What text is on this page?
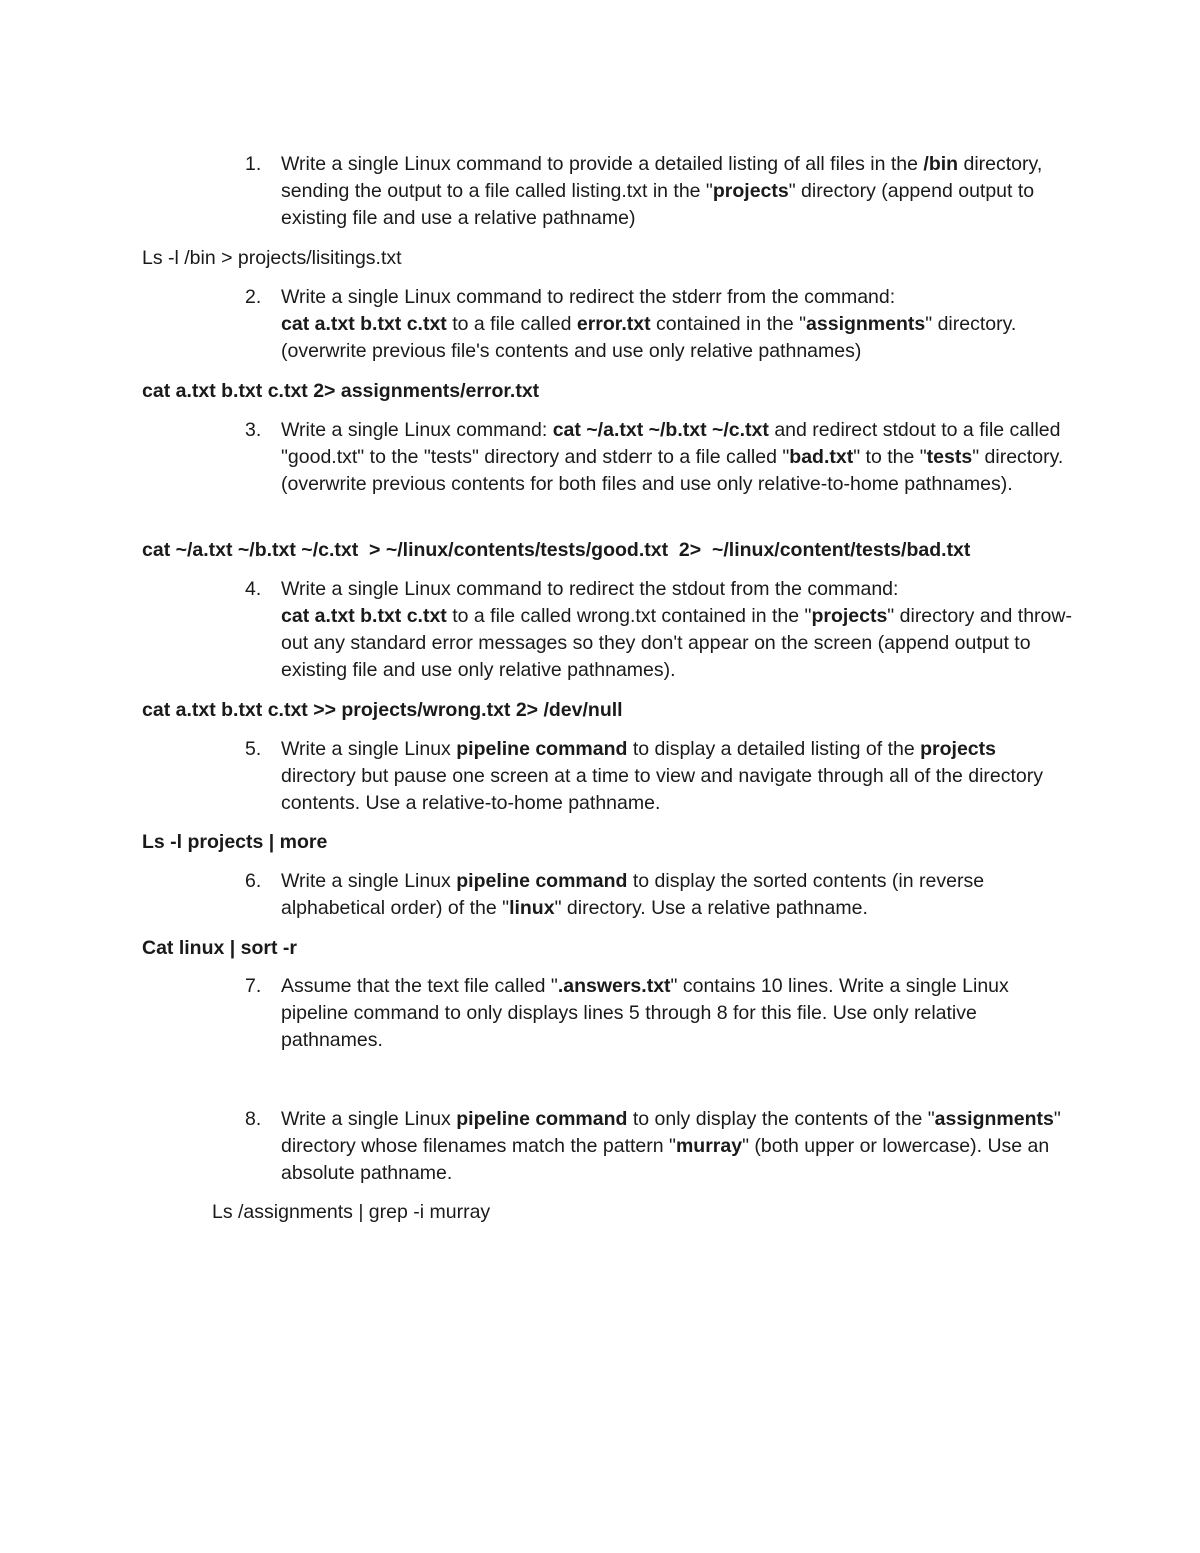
1. Write a single Linux command to provide a detailed listing of all files in the /bin directory, sending the output to a file called listing.txt in the "projects" directory (append output to existing file and use a relative pathname)
Ls -l /bin > projects/lisitings.txt
2. Write a single Linux command to redirect the stderr from the command:
cat a.txt b.txt c.txt to a file called error.txt contained in the "assignments" directory. (overwrite previous file's contents and use only relative pathnames)
cat a.txt b.txt c.txt 2> assignments/error.txt
3. Write a single Linux command: cat ~/a.txt ~/b.txt ~/c.txt and redirect stdout to a file called "good.txt" to the "tests" directory and stderr to a file called "bad.txt" to the "tests" directory. (overwrite previous contents for both files and use only relative-to-home pathnames).
cat ~/a.txt ~/b.txt ~/c.txt  > ~/linux/contents/tests/good.txt  2>  ~/linux/content/tests/bad.txt
4. Write a single Linux command to redirect the stdout from the command:
cat a.txt b.txt c.txt to a file called wrong.txt contained in the "projects" directory and throw-out any standard error messages so they don't appear on the screen (append output to existing file and use only relative pathnames).
cat a.txt b.txt c.txt >> projects/wrong.txt 2> /dev/null
5. Write a single Linux pipeline command to display a detailed listing of the projects directory but pause one screen at a time to view and navigate through all of the directory contents. Use a relative-to-home pathname.
Ls -l projects | more
6. Write a single Linux pipeline command to display the sorted contents (in reverse alphabetical order) of the "linux" directory. Use a relative pathname.
Cat linux | sort -r
7. Assume that the text file called ".answers.txt" contains 10 lines. Write a single Linux pipeline command to only displays lines 5 through 8 for this file. Use only relative pathnames.
8. Write a single Linux pipeline command to only display the contents of the "assignments" directory whose filenames match the pattern "murray" (both upper or lowercase). Use an absolute pathname.
Ls /assignments | grep -i murray
